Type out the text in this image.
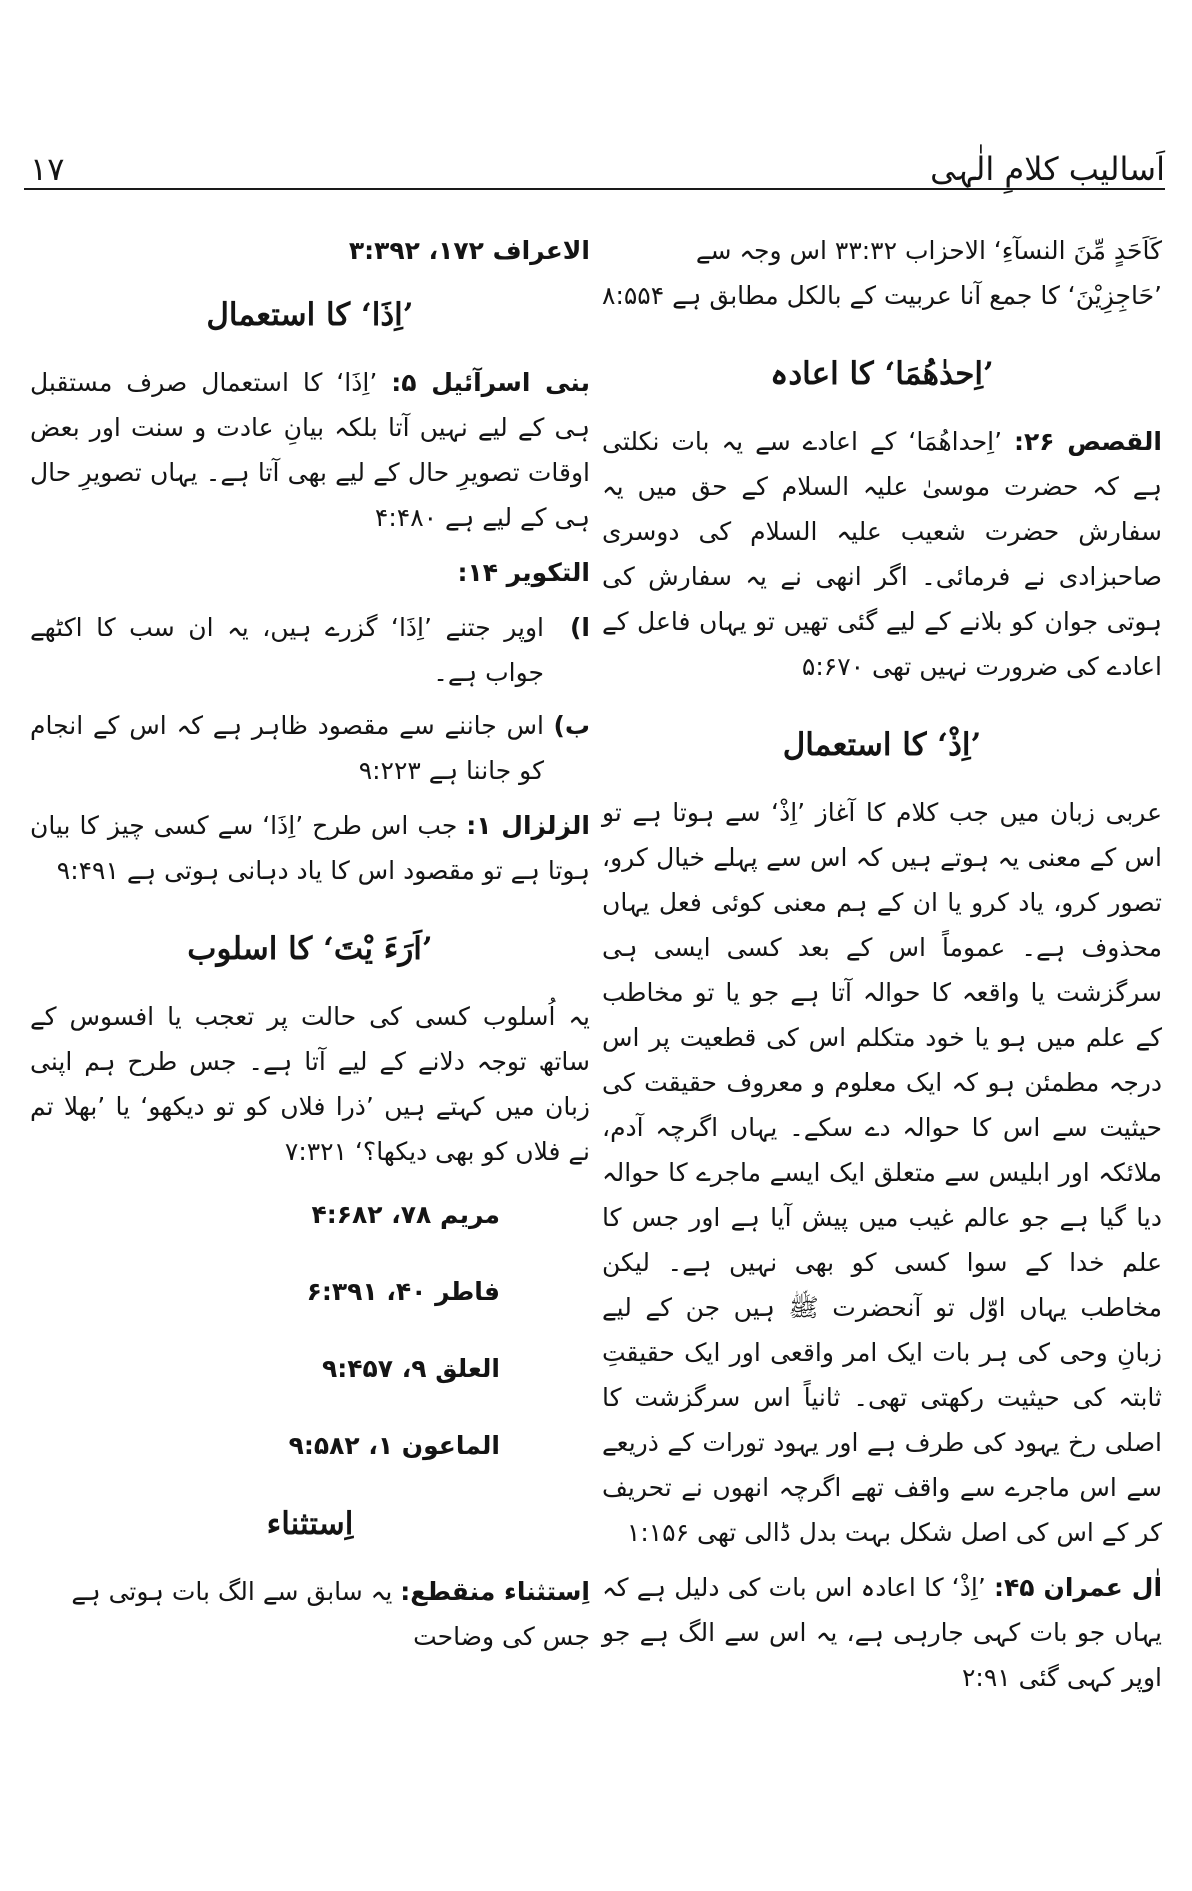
اَسالیب کلامِ الٰہی
۱۷

کَاَحَدٍ مِّنَ النسآءِ‘ الاحزاب ۳۳:۳۲ اس وجہ سے ’حَاجِزِیْنَ‘ کا جمع آنا عربیت کے بالکل مطابق ہے ۸:۵۵۴

’اِحدٰھُمَا‘ کا اعادہ

القصص ۲۶: ’اِحداھُمَا‘ کے اعادے سے یہ بات نکلتی ہے کہ حضرت موسیٰ علیہ السلام کے حق میں یہ سفارش حضرت شعیب علیہ السلام کی دوسری صاحبزادی نے فرمائی۔ اگر انھی نے یہ سفارش کی ہوتی جوان کو بلانے کے لیے گئی تھیں تو یہاں فاعل کے اعادے کی ضرورت نہیں تھی ۵:۶۷۰

’اِذْ‘ کا استعمال

عربی زبان میں جب کلام کا آغاز ’اِذْ‘ سے ہوتا ہے تو اس کے معنی یہ ہوتے ہیں کہ اس سے پہلے خیال کرو، تصور کرو، یاد کرو یا ان کے ہم معنی کوئی فعل یہاں محذوف ہے۔ عموماً اس کے بعد کسی ایسی ہی سرگزشت یا واقعہ کا حوالہ آتا ہے جو یا تو مخاطب کے علم میں ہو یا خود متکلم اس کی قطعیت پر اس درجہ مطمئن ہو کہ ایک معلوم و معروف حقیقت کی حیثیت سے اس کا حوالہ دے سکے۔ یہاں اگرچہ آدم، ملائکہ اور ابلیس سے متعلق ایک ایسے ماجرے کا حوالہ دیا گیا ہے جو عالم غیب میں پیش آیا ہے اور جس کا علم خدا کے سوا کسی کو بھی نہیں ہے۔ لیکن مخاطب یہاں اوّل تو آنحضرت ﷺ ہیں جن کے لیے زبانِ وحی کی ہر بات ایک امر واقعی اور ایک حقیقتِ ثابتہ کی حیثیت رکھتی تھی۔ ثانیاً اس سرگزشت کا اصلی رخ یہود کی طرف ہے اور یہود تورات کے ذریعے سے اس ماجرے سے واقف تھے اگرچہ انھوں نے تحریف کر کے اس کی اصل شکل بہت بدل ڈالی تھی ۱:۱۵۶

اٰل عمران ۴۵: ’اِذْ‘ کا اعادہ اس بات کی دلیل ہے کہ یہاں جو بات کہی جارہی ہے، یہ اس سے الگ ہے جو اوپر کہی گئی ۲:۹۱

الاعراف ۱۷۲، ۳:۳۹۲

’اِذَا‘ کا استعمال

بنی اسرآئیل ۵: ’اِذَا‘ کا استعمال صرف مستقبل ہی کے لیے نہیں آتا بلکہ بیانِ عادت و سنت اور بعض اوقات تصویرِ حال کے لیے بھی آتا ہے۔ یہاں تصویرِ حال ہی کے لیے ہے ۴:۴۸۰

التکویر ۱۴:

ا)
اوپر جتنے ’اِذَا‘ گزرے ہیں، یہ ان سب کا اکٹھے جواب ہے۔
ب)
اس جاننے سے مقصود ظاہر ہے کہ اس کے انجام کو جاننا ہے ۹:۲۲۳

الزلزال ۱: جب اس طرح ’اِذَا‘ سے کسی چیز کا بیان ہوتا ہے تو مقصود اس کا یاد دہانی ہوتی ہے ۹:۴۹۱

’اَرَءَ یْتَ‘ کا اسلوب

یہ اُسلوب کسی کی حالت پر تعجب یا افسوس کے ساتھ توجہ دلانے کے لیے آتا ہے۔ جس طرح ہم اپنی زبان میں کہتے ہیں ’ذرا فلاں کو تو دیکھو‘ یا ’بھلا تم نے فلاں کو بھی دیکھا؟‘ ۷:۳۲۱

مریم ۷۸، ۴:۶۸۲
فاطر ۴۰، ۶:۳۹۱
العلق ۹، ۹:۴۵۷
الماعون ۱، ۹:۵۸۲
اِستثناء

اِستثناء منقطع: یہ سابق سے الگ بات ہوتی ہے جس کی وضاحت
